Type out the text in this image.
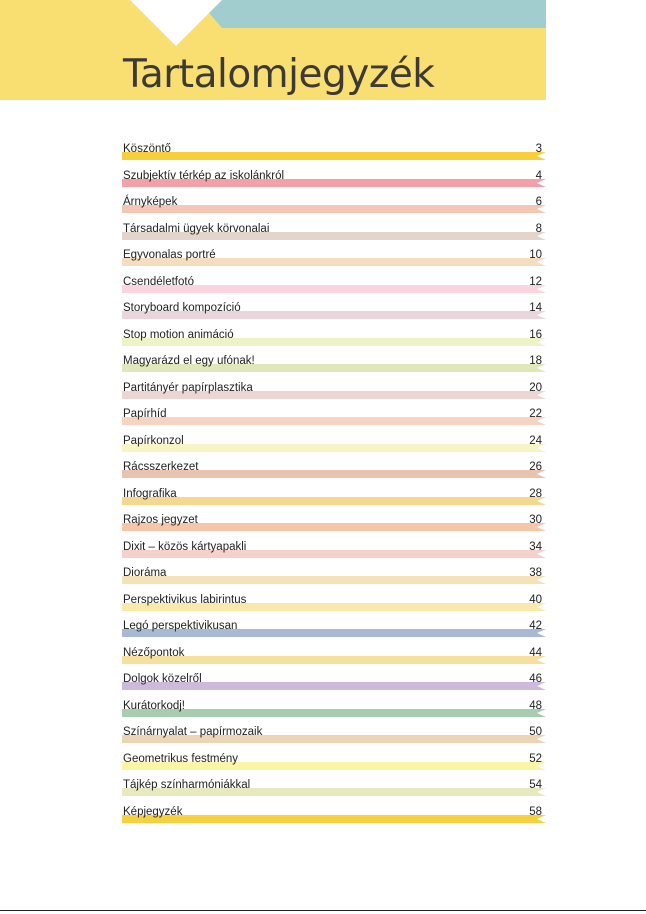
Tartalomjegyzék
Köszöntő	3
Szubjektív térkép az iskolánkról	4
Árnyképek	6
Társadalmi ügyek körvonalai	8
Egyvonalas portré	10
Csendéletfotó	12
Storyboard kompozíció	14
Stop motion animáció	16
Magyarázd el egy ufónak!	18
Partitányér papírplasztika	20
Papírhíd	22
Papírkonzol	24
Rácsszerkezet	26
Infografika	28
Rajzos jegyzet	30
Dixit – közös kártyapakli	34
Dioráma	38
Perspektivikus labirintus	40
Legó perspektivikusan	42
Nézőpontok	44
Dolgok közelről	46
Kurátorkodj!	48
Színárnyalat – papírmozaik	50
Geometrikus festmény	52
Tájkép színharmóniákkal	54
Képjegyzék	58
